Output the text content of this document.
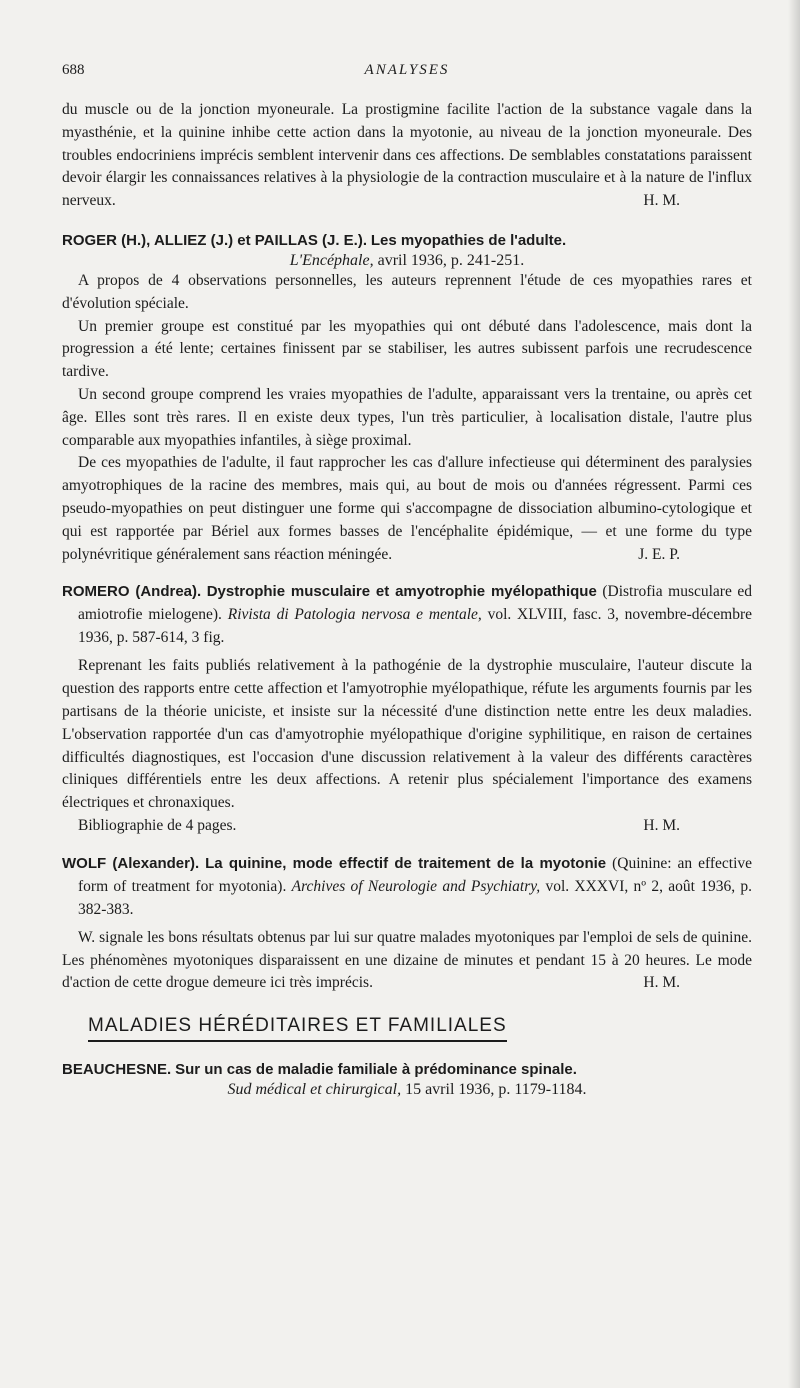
688	ANALYSES

du muscle ou de la jonction myoneurale. La prostigmine facilite l'action de la substance vagale dans la myasthénie, et la quinine inhibe cette action dans la myotonie, au niveau de la jonction myoneurale. Des troubles endocriniens imprécis semblent intervenir dans ces affections. De semblables constatations paraissent devoir élargir les connaissances relatives à la physiologie de la contraction musculaire et à la nature de l'influx nerveux.	H. M.

ROGER (H.), ALLIEZ (J.) et PAILLAS (J. E.). Les myopathies de l'adulte.
L'Encéphale, avril 1936, p. 241-251.

A propos de 4 observations personnelles, les auteurs reprennent l'étude de ces myopathies rares et d'évolution spéciale.

Un premier groupe est constitué par les myopathies qui ont débuté dans l'adolescence, mais dont la progression a été lente; certaines finissent par se stabiliser, les autres subissent parfois une recrudescence tardive.

Un second groupe comprend les vraies myopathies de l'adulte, apparaissant vers la trentaine, ou après cet âge. Elles sont très rares. Il en existe deux types, l'un très particulier, à localisation distale, l'autre plus comparable aux myopathies infantiles, à siège proximal.

De ces myopathies de l'adulte, il faut rapprocher les cas d'allure infectieuse qui déterminent des paralysies amyotrophiques de la racine des membres, mais qui, au bout de mois ou d'années régressent. Parmi ces pseudo-myopathies on peut distinguer une forme qui s'accompagne de dissociation albumino-cytologique et qui est rapportée par Bériel aux formes basses de l'encéphalite épidémique, — et une forme du type polynévritique généralement sans réaction méningée.	J. E. P.

ROMERO (Andrea). Dystrophie musculaire et amyotrophie myélopathique (Distrofia musculare ed amiotrofie mielogene). Rivista di Patologia nervosa e mentale, vol. XLVIII, fasc. 3, novembre-décembre 1936, p. 587-614, 3 fig.

Reprenant les faits publiés relativement à la pathogénie de la dystrophie musculaire, l'auteur discute la question des rapports entre cette affection et l'amyotrophie myélopathique, réfute les arguments fournis par les partisans de la théorie uniciste, et insiste sur la nécessité d'une distinction nette entre les deux maladies. L'observation rapportée d'un cas d'amyotrophie myélopathique d'origine syphilitique, en raison de certaines difficultés diagnostiques, est l'occasion d'une discussion relativement à la valeur des différents caractères cliniques différentiels entre les deux affections. A retenir plus spécialement l'importance des examens électriques et chronaxiques.

Bibliographie de 4 pages.	H. M.

WOLF (Alexander). La quinine, mode effectif de traitement de la myotonie (Quinine: an effective form of treatment for myotonia). Archives of Neurologie and Psychiatry, vol. XXXVI, nº 2, août 1936, p. 382-383.

W. signale les bons résultats obtenus par lui sur quatre malades myotoniques par l'emploi de sels de quinine. Les phénomènes myotoniques disparaissent en une dizaine de minutes et pendant 15 à 20 heures. Le mode d'action de cette drogue demeure ici très imprécis.	H. M.

MALADIES HÉRÉDITAIRES ET FAMILIALES
BEAUCHESNE. Sur un cas de maladie familiale à prédominance spinale.
Sud médical et chirurgical, 15 avril 1936, p. 1179-1184.
